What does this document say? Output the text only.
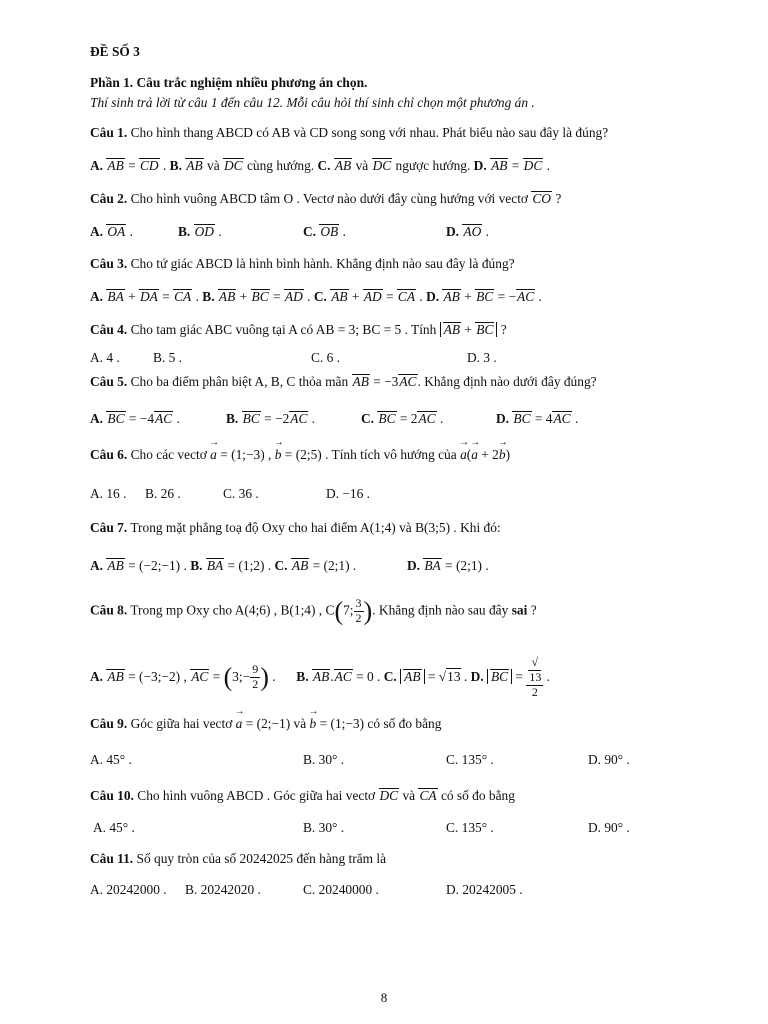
ĐỀ SỐ 3
Phần 1. Câu trắc nghiệm nhiều phương án chọn.
Thí sinh trả lời từ câu 1 đến câu 12. Mỗi câu hỏi thí sinh chỉ chọn một phương án .
Câu 1. Cho hình thang ABCD có AB và CD song song với nhau. Phát biểu nào sau đây là đúng?
A. AB = CD . B. AB và DC cùng hướng. C. AB và DC ngược hướng. D. AB = DC .
Câu 2. Cho hình vuông ABCD tâm O . Vectơ nào dưới đây cùng hướng với vectơ CO ?
A. OA .	B. OD .	C. OB .	D. AO .
Câu 3. Cho tứ giác ABCD là hình bình hành. Khẳng định nào sau đây là đúng?
A. BA + DA = CA . B. AB + BC = AD . C. AB + AD = CA . D. AB + BC = −AC .
Câu 4. Cho tam giác ABC vuông tại A có AB = 3; BC = 5 . Tính AB + BC ?
A. 4 . B. 5 .	C. 6 .	D. 3 .
Câu 5. Cho ba điểm phân biệt A, B, C thỏa mãn AB = −3AC. Khẳng định nào dưới đây đúng?
A. BC = −4AC .	B. BC = −2AC .	C. BC = 2AC .	D. BC = 4AC .
Câu 6. Cho các vectơ → a = (1;−3) , → b = (2;5) . Tính tích vô hướng của → a(→ a + 2→ b)
A. 16 . B. 26 .	C. 36 .	D. −16 .
Câu 7. Trong mặt phẳng toạ độ Oxy cho hai điểm A(1;4) và B(3;5) . Khi đó:
A. AB = (−2;−1) . B. BA = (1;2) . C. AB = (2;1) .	D. BA = (2;1) .
Câu 8. Trong mp Oxy cho A(4;6) , B(1;4) , C(7; $\frac{3}{2}$ ). Khẳng định nào sau đây sai ?
A. AB = (−3;−2) , AC = (3;− $\frac{9}{2}$ ) .  B. AB.AC = 0 . C. AB = √13 . D. BC = √
13
2 .
Câu 9. Góc giữa hai vectơ → a = (2;−1) và → b = (1;−3) có số đo bằng
A. 45° .	B. 30° .	C. 135° .	D. 90° .
Câu 10. Cho hình vuông ABCD . Góc giữa hai vectơ DC và CA có số đo bằng
A. 45° .	B. 30° .	C. 135° .	D. 90° .
Câu 11. Số quy tròn của số 20242025 đến hàng trăm là
A. 20242000 . B. 20242020 .	C. 20240000 .	D. 20242005 .
8
